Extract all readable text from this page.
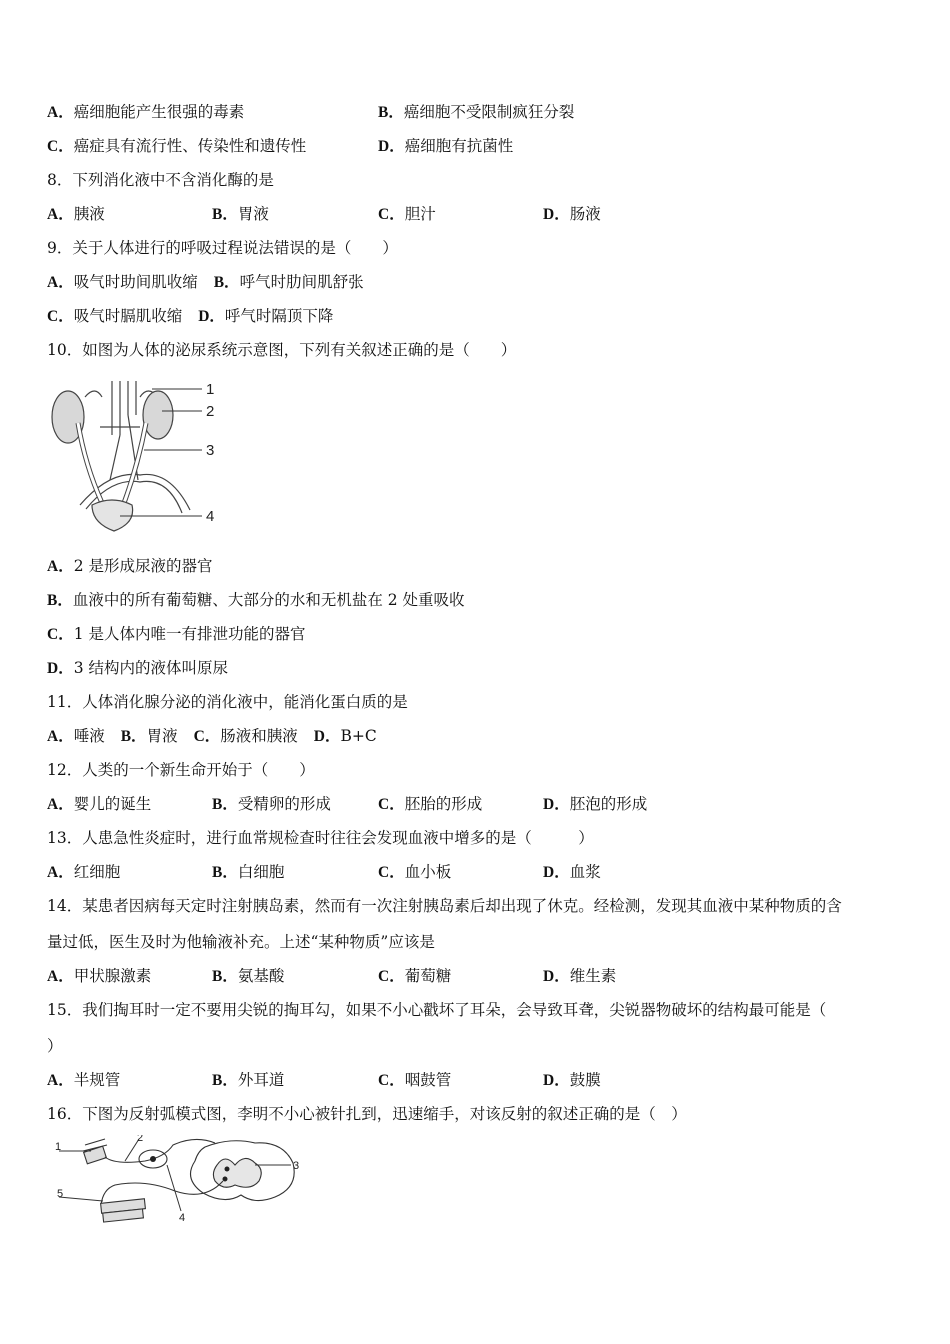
A．癌细胞能产生很强的毒素	B．癌细胞不受限制疯狂分裂
C．癌症具有流行性、传染性和遗传性	D．癌细胞有抗菌性
8．下列消化液中不含消化酶的是
A．胰液	B．胃液	C．胆汁	D．肠液
9．关于人体进行的呼吸过程说法错误的是（　　）
A．吸气时助间肌收缩 B．呼气时肋间肌舒张
C．吸气时膈肌收缩 D．呼气时隔顶下降
10．如图为人体的泌尿系统示意图，下列有关叙述正确的是（　　）
1
2
3
4
A．2 是形成尿液的器官
B．血液中的所有葡萄糖、大部分的水和无机盐在 2 处重吸收
C．1 是人体内唯一有排泄功能的器官
D．3 结构内的液体叫原尿
11．人体消化腺分泌的消化液中，能消化蛋白质的是
A．唾液 B．胃液 C．肠液和胰液 D．B+C
12．人类的一个新生命开始于（　　）
A．婴儿的诞生	B．受精卵的形成	C．胚胎的形成	D．胚泡的形成
13．人患急性炎症时，进行血常规检查时往往会发现血液中增多的是（　　　）
A．红细胞	B．白细胞	C．血小板	D．血浆
14．某患者因病每天定时注射胰岛素，然而有一次注射胰岛素后却出现了休克。经检测，发现其血液中某种物质的含
量过低，医生及时为他输液补充。上述“某种物质”应该是
A．甲状腺激素	B．氨基酸	C．葡萄糖	D．维生素
15．我们掏耳时一定不要用尖锐的掏耳勾，如果不小心戳坏了耳朵，会导致耳聋，尖锐器物破坏的结构最可能是（
）
A．半规管	B．外耳道	C．咽鼓管	D．鼓膜
16．下图为反射弧模式图，李明不小心被针扎到，迅速缩手，对该反射的叙述正确的是（　）
1
2
3
4
5
